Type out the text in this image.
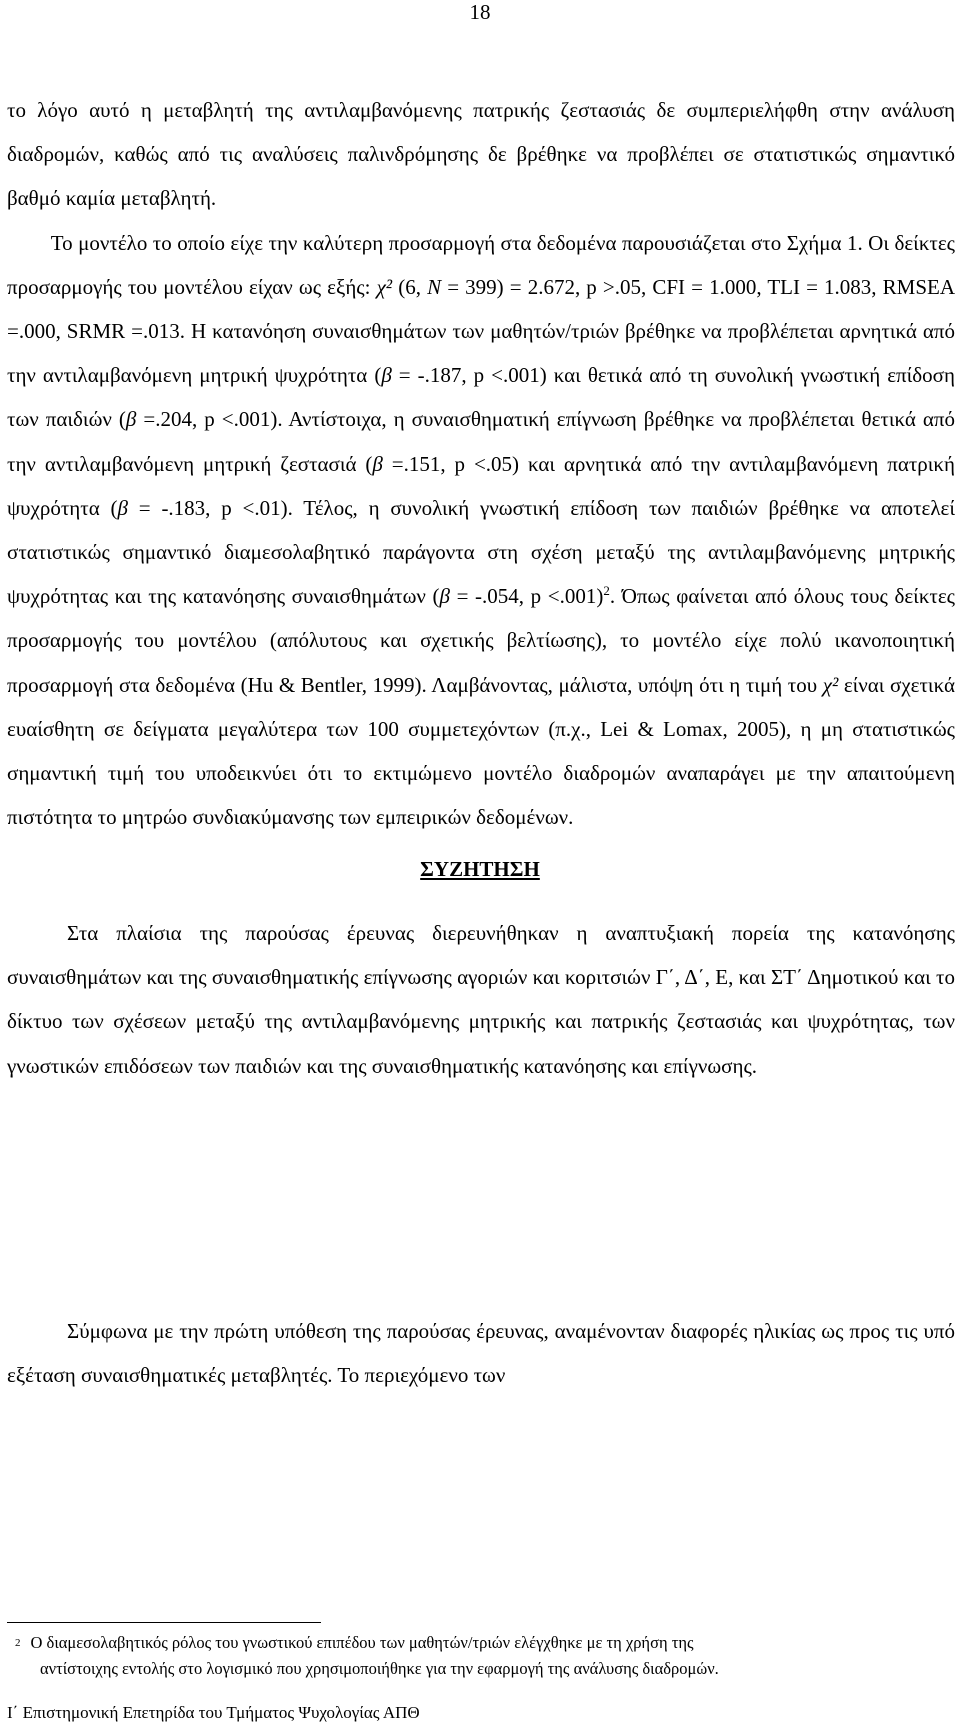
18
το λόγο αυτό η μεταβλητή της αντιλαμβανόμενης πατρικής ζεστασιάς δε συμπεριελήφθη στην ανάλυση διαδρομών, καθώς από τις αναλύσεις παλινδρόμησης δε βρέθηκε να προβλέπει σε στατιστικώς σημαντικό βαθμό καμία μεταβλητή.
Το μοντέλο το οποίο είχε την καλύτερη προσαρμογή στα δεδομένα παρουσιάζεται στο Σχήμα 1. Οι δείκτες προσαρμογής του μοντέλου είχαν ως εξής: χ² (6, N = 399) = 2.672, p >.05, CFI = 1.000, TLI = 1.083, RMSEA =.000, SRMR =.013. Η κατανόηση συναισθημάτων των μαθητών/τριών βρέθηκε να προβλέπεται αρνητικά από την αντιλαμβανόμενη μητρική ψυχρότητα (β = -.187, p <.001) και θετικά από τη συνολική γνωστική επίδοση των παιδιών (β =.204, p <.001). Αντίστοιχα, η συναισθηματική επίγνωση βρέθηκε να προβλέπεται θετικά από την αντιλαμβανόμενη μητρική ζεστασιά (β =.151, p <.05) και αρνητικά από την αντιλαμβανόμενη πατρική ψυχρότητα (β = -.183, p <.01). Τέλος, η συνολική γνωστική επίδοση των παιδιών βρέθηκε να αποτελεί στατιστικώς σημαντικό διαμεσολαβητικό παράγοντα στη σχέση μεταξύ της αντιλαμβανόμενης μητρικής ψυχρότητας και της κατανόησης συναισθημάτων (β = -.054, p <.001)$^2$. Όπως φαίνεται από όλους τους δείκτες προσαρμογής του μοντέλου (απόλυτους και σχετικής βελτίωσης), το μοντέλο είχε πολύ ικανοποιητική προσαρμογή στα δεδομένα (Hu & Bentler, 1999). Λαμβάνοντας, μάλιστα, υπόψη ότι η τιμή του χ² είναι σχετικά ευαίσθητη σε δείγματα μεγαλύτερα των 100 συμμετεχόντων (π.χ., Lei & Lomax, 2005), η μη στατιστικώς σημαντική τιμή του υποδεικνύει ότι το εκτιμώμενο μοντέλο διαδρομών αναπαράγει με την απαιτούμενη πιστότητα το μητρώο συνδιακύμανσης των εμπειρικών δεδομένων.
ΣΥΖΗΤΗΣΗ
Στα πλαίσια της παρούσας έρευνας διερευνήθηκαν η αναπτυξιακή πορεία της κατανόησης συναισθημάτων και της συναισθηματικής επίγνωσης αγοριών και κοριτσιών Γ΄, Δ΄, Ε, και ΣΤ΄ Δημοτικού και το δίκτυο των σχέσεων μεταξύ της αντιλαμβανόμενης μητρικής και πατρικής ζεστασιάς και ψυχρότητας, των γνωστικών επιδόσεων των παιδιών και της συναισθηματικής κατανόησης και επίγνωσης.
Σύμφωνα με την πρώτη υπόθεση της παρούσας έρευνας, αναμένονταν διαφορές ηλικίας ως προς τις υπό εξέταση συναισθηματικές μεταβλητές. Το περιεχόμενο των
$^2$ Ο διαμεσολαβητικός ρόλος του γνωστικού επιπέδου των μαθητών/τριών ελέγχθηκε με τη χρήση της
αντίστοιχης εντολής στο λογισμικό που χρησιμοποιήθηκε για την εφαρμογή της ανάλυσης διαδρομών.
Ι΄ Επιστημονική Επετηρίδα του Τμήματος Ψυχολογίας ΑΠΘ
